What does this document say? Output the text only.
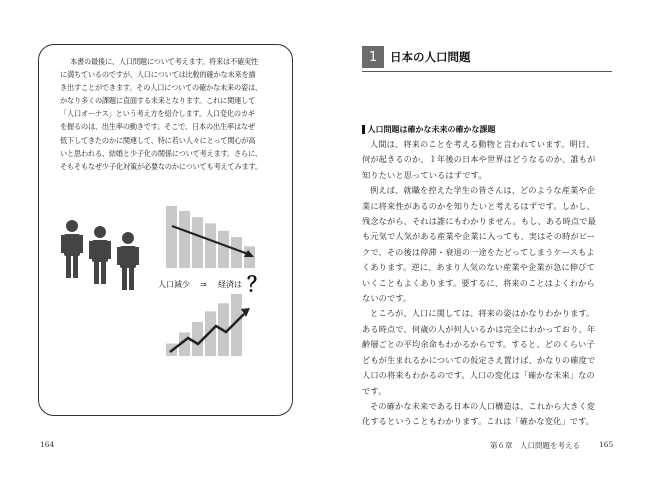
本書の最後に、人口問題について考えます。将来は不確実性
に満ちているのですが、人口については比較的確かな未来を描
き出すことができます。その人口についての確かな未来の姿は、
かなり多くの課題に直面する未来となります。これに関連して
「人口オーナス」という考え方を紹介します。人口変化のカギ
を握るのは、出生率の動きです。そこで、日本の出生率はなぜ
低下してきたのかに関連して、特に若い人々にとって関心が高
いと思われる、結婚と少子化の関係について考えます。さらに、
そもそもなぜ少子化対策が必要なのかについても考えてみます。
人口減少 ⇒ 経済は ？
164
1	日本の人口問題
人口問題は確かな未来の確かな課題
人間は、将来のことを考える動物と言われています。明日、
何が起きるのか、１年後の日本や世界はどうなるのか、誰もが
知りたいと思っているはずです。
例えば、就職を控えた学生の皆さんは、どのような産業や企
業に将来性があるのかを知りたいと考えるはずです。しかし、
残念ながら、それは誰にもわかりません。もし、ある時点で最
も元気で人気がある産業や企業に入っても、実はその時がピー
クで、その後は停滞・衰退の一途をたどってしまうケースもよ
くあります。逆に、あまり人気のない産業や企業が急に伸びて
いくこともよくあります。要するに、将来のことはよくわから
ないのです。
ところが、人口に関しては、将来の姿はかなりわかります。
ある時点で、何歳の人が何人いるかは完全にわかっており、年
齢層ごとの平均余命もわかるからです。すると、どのくらい子
どもが生まれるかについての仮定さえ置けば、かなりの確度で
人口の将来もわかるのです。人口の変化は「確かな未来」なの
です。
その確かな未来である日本の人口構造は、これから大きく変
化するということもわかります。これは「確かな変化」です。
第６章　人口問題を考える	165
